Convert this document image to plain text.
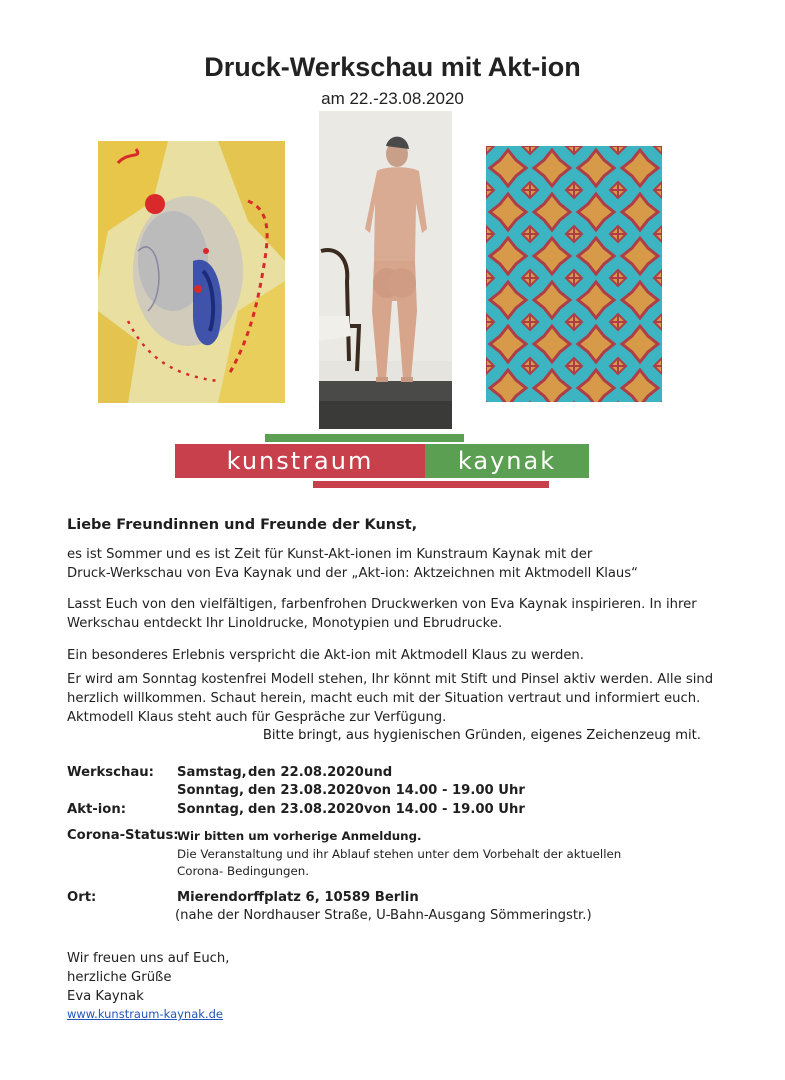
Druck-Werkschau mit Akt-ion
am 22.-23.08.2020
kunstraum	kaynak
Liebe Freundinnen und Freunde der Kunst,
es ist Sommer und es ist Zeit für Kunst-Akt-ionen im Kunstraum Kaynak mit der
Druck-Werkschau von Eva Kaynak und der „Akt-ion: Aktzeichnen mit Aktmodell Klaus“
Lasst Euch von den vielfältigen, farbenfrohen Druckwerken von Eva Kaynak inspirieren. In ihrer
Werkschau entdeckt Ihr Linoldrucke, Monotypien und Ebrudrucke.
Ein besonderes Erlebnis verspricht die Akt-ion mit Aktmodell Klaus zu werden.
Er wird am Sonntag kostenfrei Modell stehen, Ihr könnt mit Stift und Pinsel aktiv werden. Alle sind
herzlich willkommen. Schaut herein, macht euch mit der Situation vertraut und informiert euch.
Aktmodell Klaus steht auch für Gespräche zur Verfügung.
Bitte bringt, aus hygienischen Gründen, eigenes Zeichenzeug mit.
Werkschau: Samstag, den 22.08.2020 und
Sonntag, den 23.08.2020 von 14.00 - 19.00 Uhr
Akt-ion:	Sonntag, den 23.08.2020 von 14.00 - 19.00 Uhr
Corona-Status:
Wir bitten um vorherige Anmeldung.
Die Veranstaltung und ihr Ablauf stehen unter dem Vorbehalt der aktuellen
Corona- Bedingungen.
Ort:	Mierendorffplatz 6, 10589 Berlin
(nahe der Nordhauser Straße, U-Bahn-Ausgang Sömmeringstr.)
Wir freuen uns auf Euch,
herzliche Grüße
Eva Kaynak
www.kunstraum-kaynak.de
